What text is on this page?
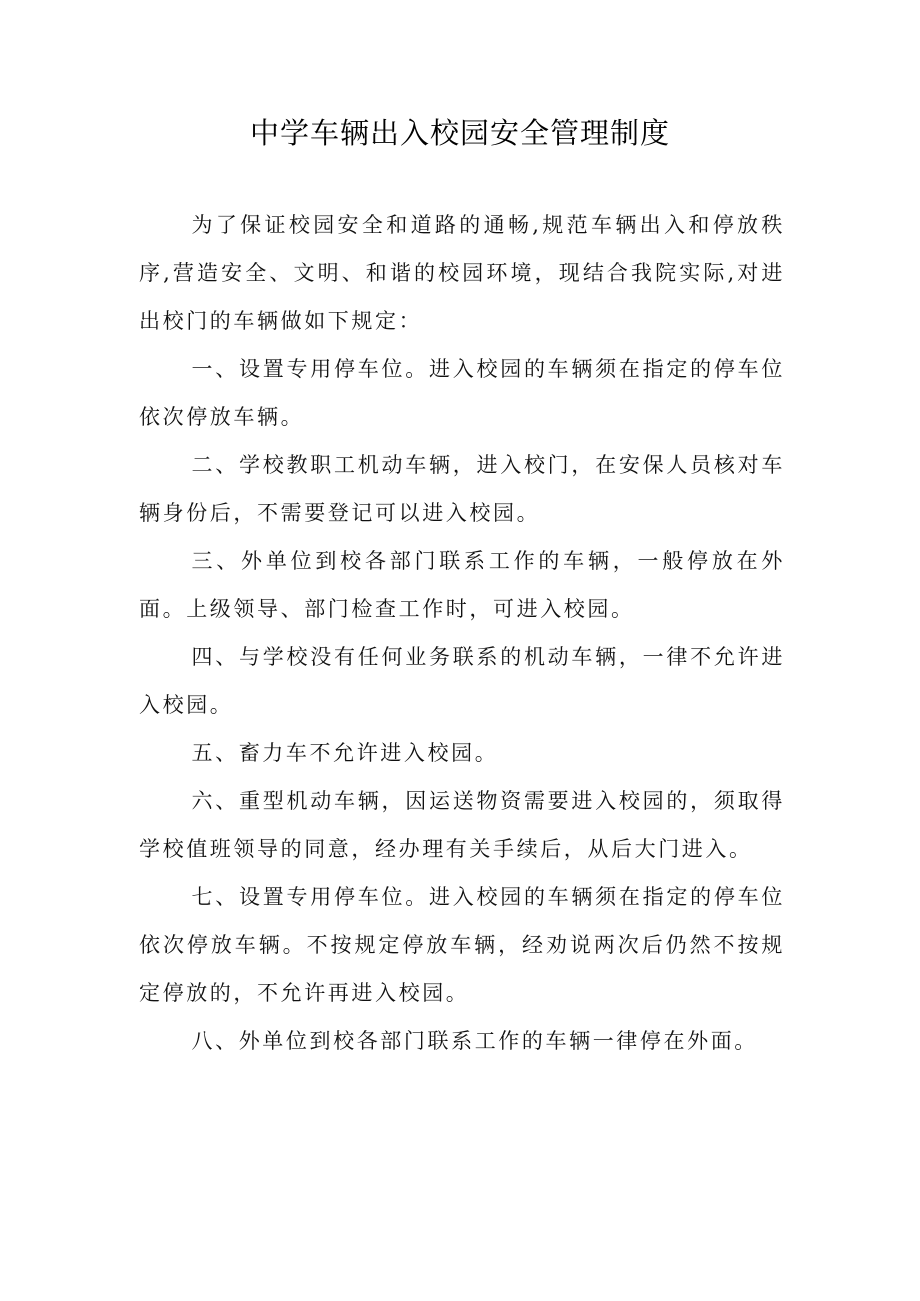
中学车辆出入校园安全管理制度

为了保证校园安全和道路的通畅,规范车辆出入和停放秩序,营造安全、文明、和谐的校园环境，现结合我院实际,对进出校门的车辆做如下规定：

一、设置专用停车位。进入校园的车辆须在指定的停车位依次停放车辆。

二、学校教职工机动车辆，进入校门，在安保人员核对车辆身份后，不需要登记可以进入校园。

三、外单位到校各部门联系工作的车辆，一般停放在外面。上级领导、部门检查工作时，可进入校园。

四、与学校没有任何业务联系的机动车辆，一律不允许进入校园。

五、畜力车不允许进入校园。

六、重型机动车辆，因运送物资需要进入校园的，须取得学校值班领导的同意，经办理有关手续后，从后大门进入。

七、设置专用停车位。进入校园的车辆须在指定的停车位依次停放车辆。不按规定停放车辆，经劝说两次后仍然不按规定停放的，不允许再进入校园。

八、外单位到校各部门联系工作的车辆一律停在外面。
